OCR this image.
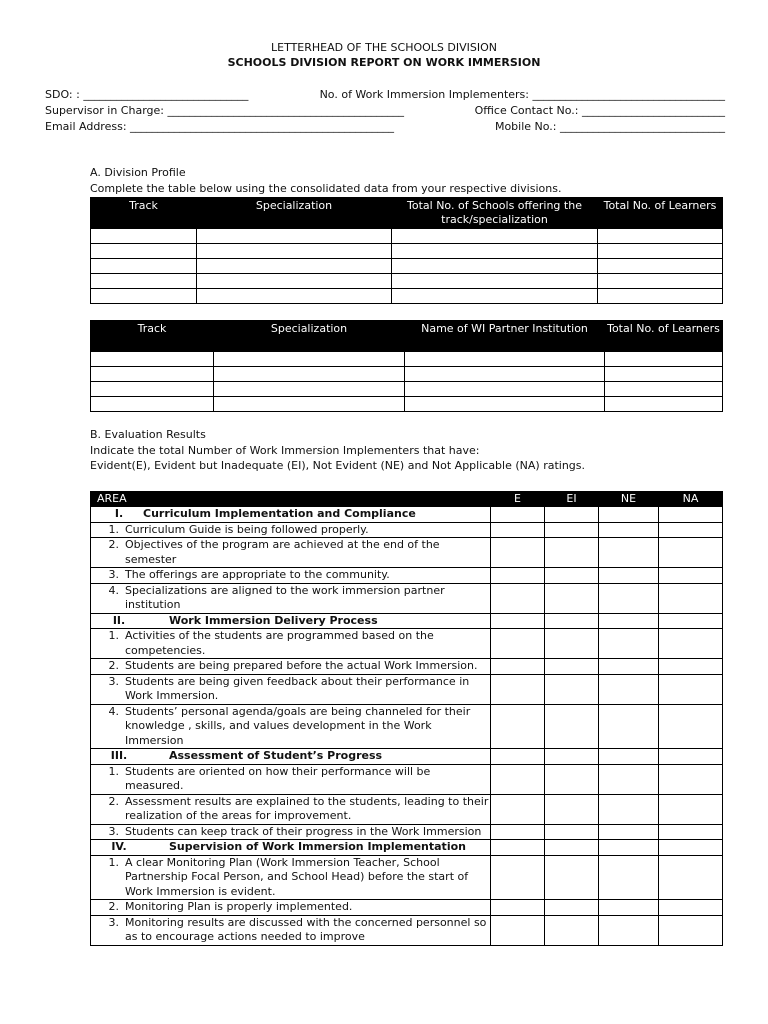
LETTERHEAD OF THE SCHOOLS DIVISION
SCHOOLS DIVISION REPORT ON WORK IMMERSION
SDO: : ______________________________	No. of Work Immersion Implementers: ___________________________________
Supervisor in Charge: ___________________________________________	Office Contact No.: __________________________
Email Address: ________________________________________________	Mobile No.: ______________________________
A. Division Profile
Complete the table below using the consolidated data from your respective divisions.
Track	Specialization	Total No. of Schools offering the track/specialization	Total No. of Learners

Track	Specialization	Name of WI Partner Institution	Total No. of Learners

B. Evaluation Results
Indicate the total Number of Work Immersion Implementers that have:
Evident(E), Evident but Inadequate (EI), Not Evident (NE) and Not Applicable (NA) ratings.
AREA	E	EI	NE	NA

I. Curriculum Implementation and Compliance				

1. Curriculum Guide is being followed properly.				

2. Objectives of the program are achieved at the end of the semester				

3. The offerings are appropriate to the community.				

4. Specializations are aligned to the work immersion partner institution				

II. Work Immersion Delivery Process				

1. Activities of the students are programmed based on the competencies.				

2. Students are being prepared before the actual Work Immersion.				

3. Students are being given feedback about their performance in Work Immersion.				

4. Students’ personal agenda/goals are being channeled for their knowledge , skills, and values development in the Work Immersion				

III. Assessment of Student’s Progress				

1. Students are oriented on how their performance will be measured.				

2. Assessment results are explained to the students, leading to their realization of the areas for improvement.				

3. Students can keep track of their progress in the Work Immersion				

IV. Supervision of Work Immersion Implementation				

1. A clear Monitoring Plan (Work Immersion Teacher, School Partnership Focal Person, and School Head) before the start of Work Immersion is evident.				

2. Monitoring Plan is properly implemented.				

3. Monitoring results are discussed with the concerned personnel so as to encourage actions needed to improve				
